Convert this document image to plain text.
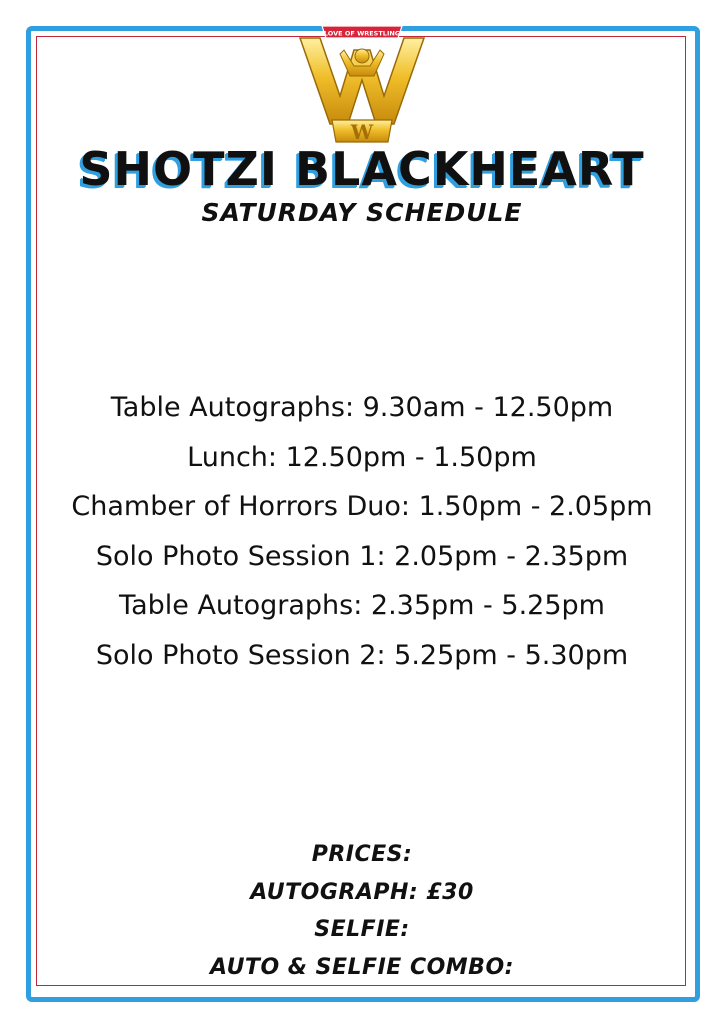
W
LOVE OF WRESTLING
SHOTZI BLACKHEART
SATURDAY SCHEDULE
Table Autographs: 9.30am - 12.50pm
Lunch: 12.50pm - 1.50pm
Chamber of Horrors Duo: 1.50pm - 2.05pm
Solo Photo Session 1: 2.05pm - 2.35pm
Table Autographs: 2.35pm - 5.25pm
Solo Photo Session 2: 5.25pm - 5.30pm
PRICES:
AUTOGRAPH: £30
SELFIE:
AUTO & SELFIE COMBO:
